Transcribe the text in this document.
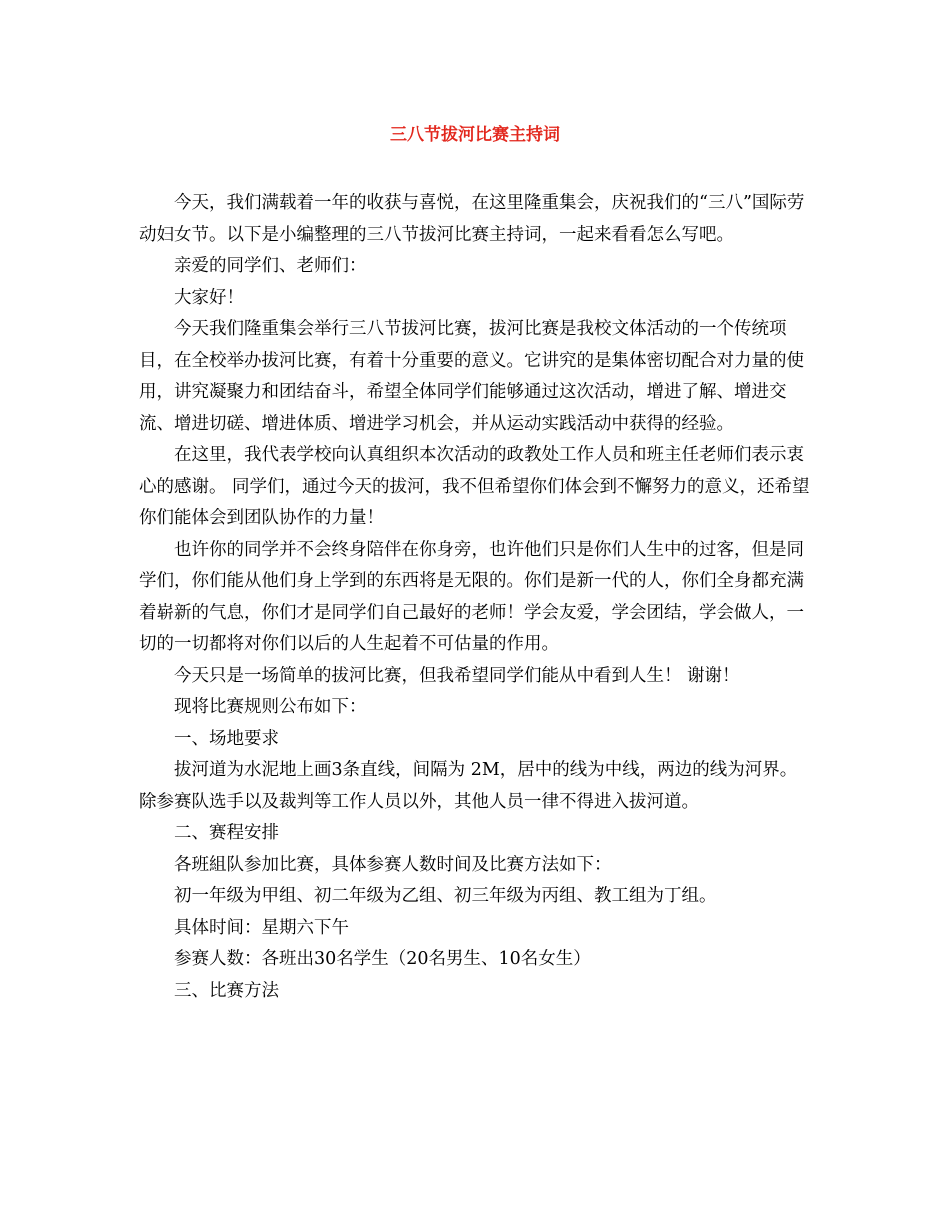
三八节拔河比赛主持词

今天，我们满载着一年的收获与喜悦，在这里隆重集会，庆祝我们的“三八”国际劳动妇女节。以下是小编整理的三八节拔河比赛主持词，一起来看看怎么写吧。

亲爱的同学们、老师们：

大家好！

今天我们隆重集会举行三八节拔河比赛，拔河比赛是我校文体活动的一个传统项目，在全校举办拔河比赛，有着十分重要的意义。它讲究的是集体密切配合对力量的使用，讲究凝聚力和团结奋斗，希望全体同学们能够通过这次活动，增进了解、增进交流、增进切磋、增进体质、增进学习机会，并从运动实践活动中获得的经验。

在这里，我代表学校向认真组织本次活动的政教处工作人员和班主任老师们表示衷心的感谢。 同学们，通过今天的拔河，我不但希望你们体会到不懈努力的意义，还希望你们能体会到团队协作的力量！

也许你的同学并不会终身陪伴在你身旁，也许他们只是你们人生中的过客，但是同学们，你们能从他们身上学到的东西将是无限的。你们是新一代的人，你们全身都充满着崭新的气息，你们才是同学们自己最好的老师！学会友爱，学会团结，学会做人，一切的一切都将对你们以后的人生起着不可估量的作用。

今天只是一场简单的拔河比赛，但我希望同学们能从中看到人生！ 谢谢！

现将比赛规则公布如下：

一、场地要求

拔河道为水泥地上画3条直线，间隔为 2M，居中的线为中线，两边的线为河界。除参赛队选手以及裁判等工作人员以外，其他人员一律不得进入拔河道。

二、赛程安排

各班組队参加比赛，具体参赛人数时间及比赛方法如下：

初一年级为甲组、初二年级为乙组、初三年级为丙组、教工组为丁组。

具体时间：星期六下午

参赛人数：各班出30名学生（20名男生、10名女生）

三、比赛方法
